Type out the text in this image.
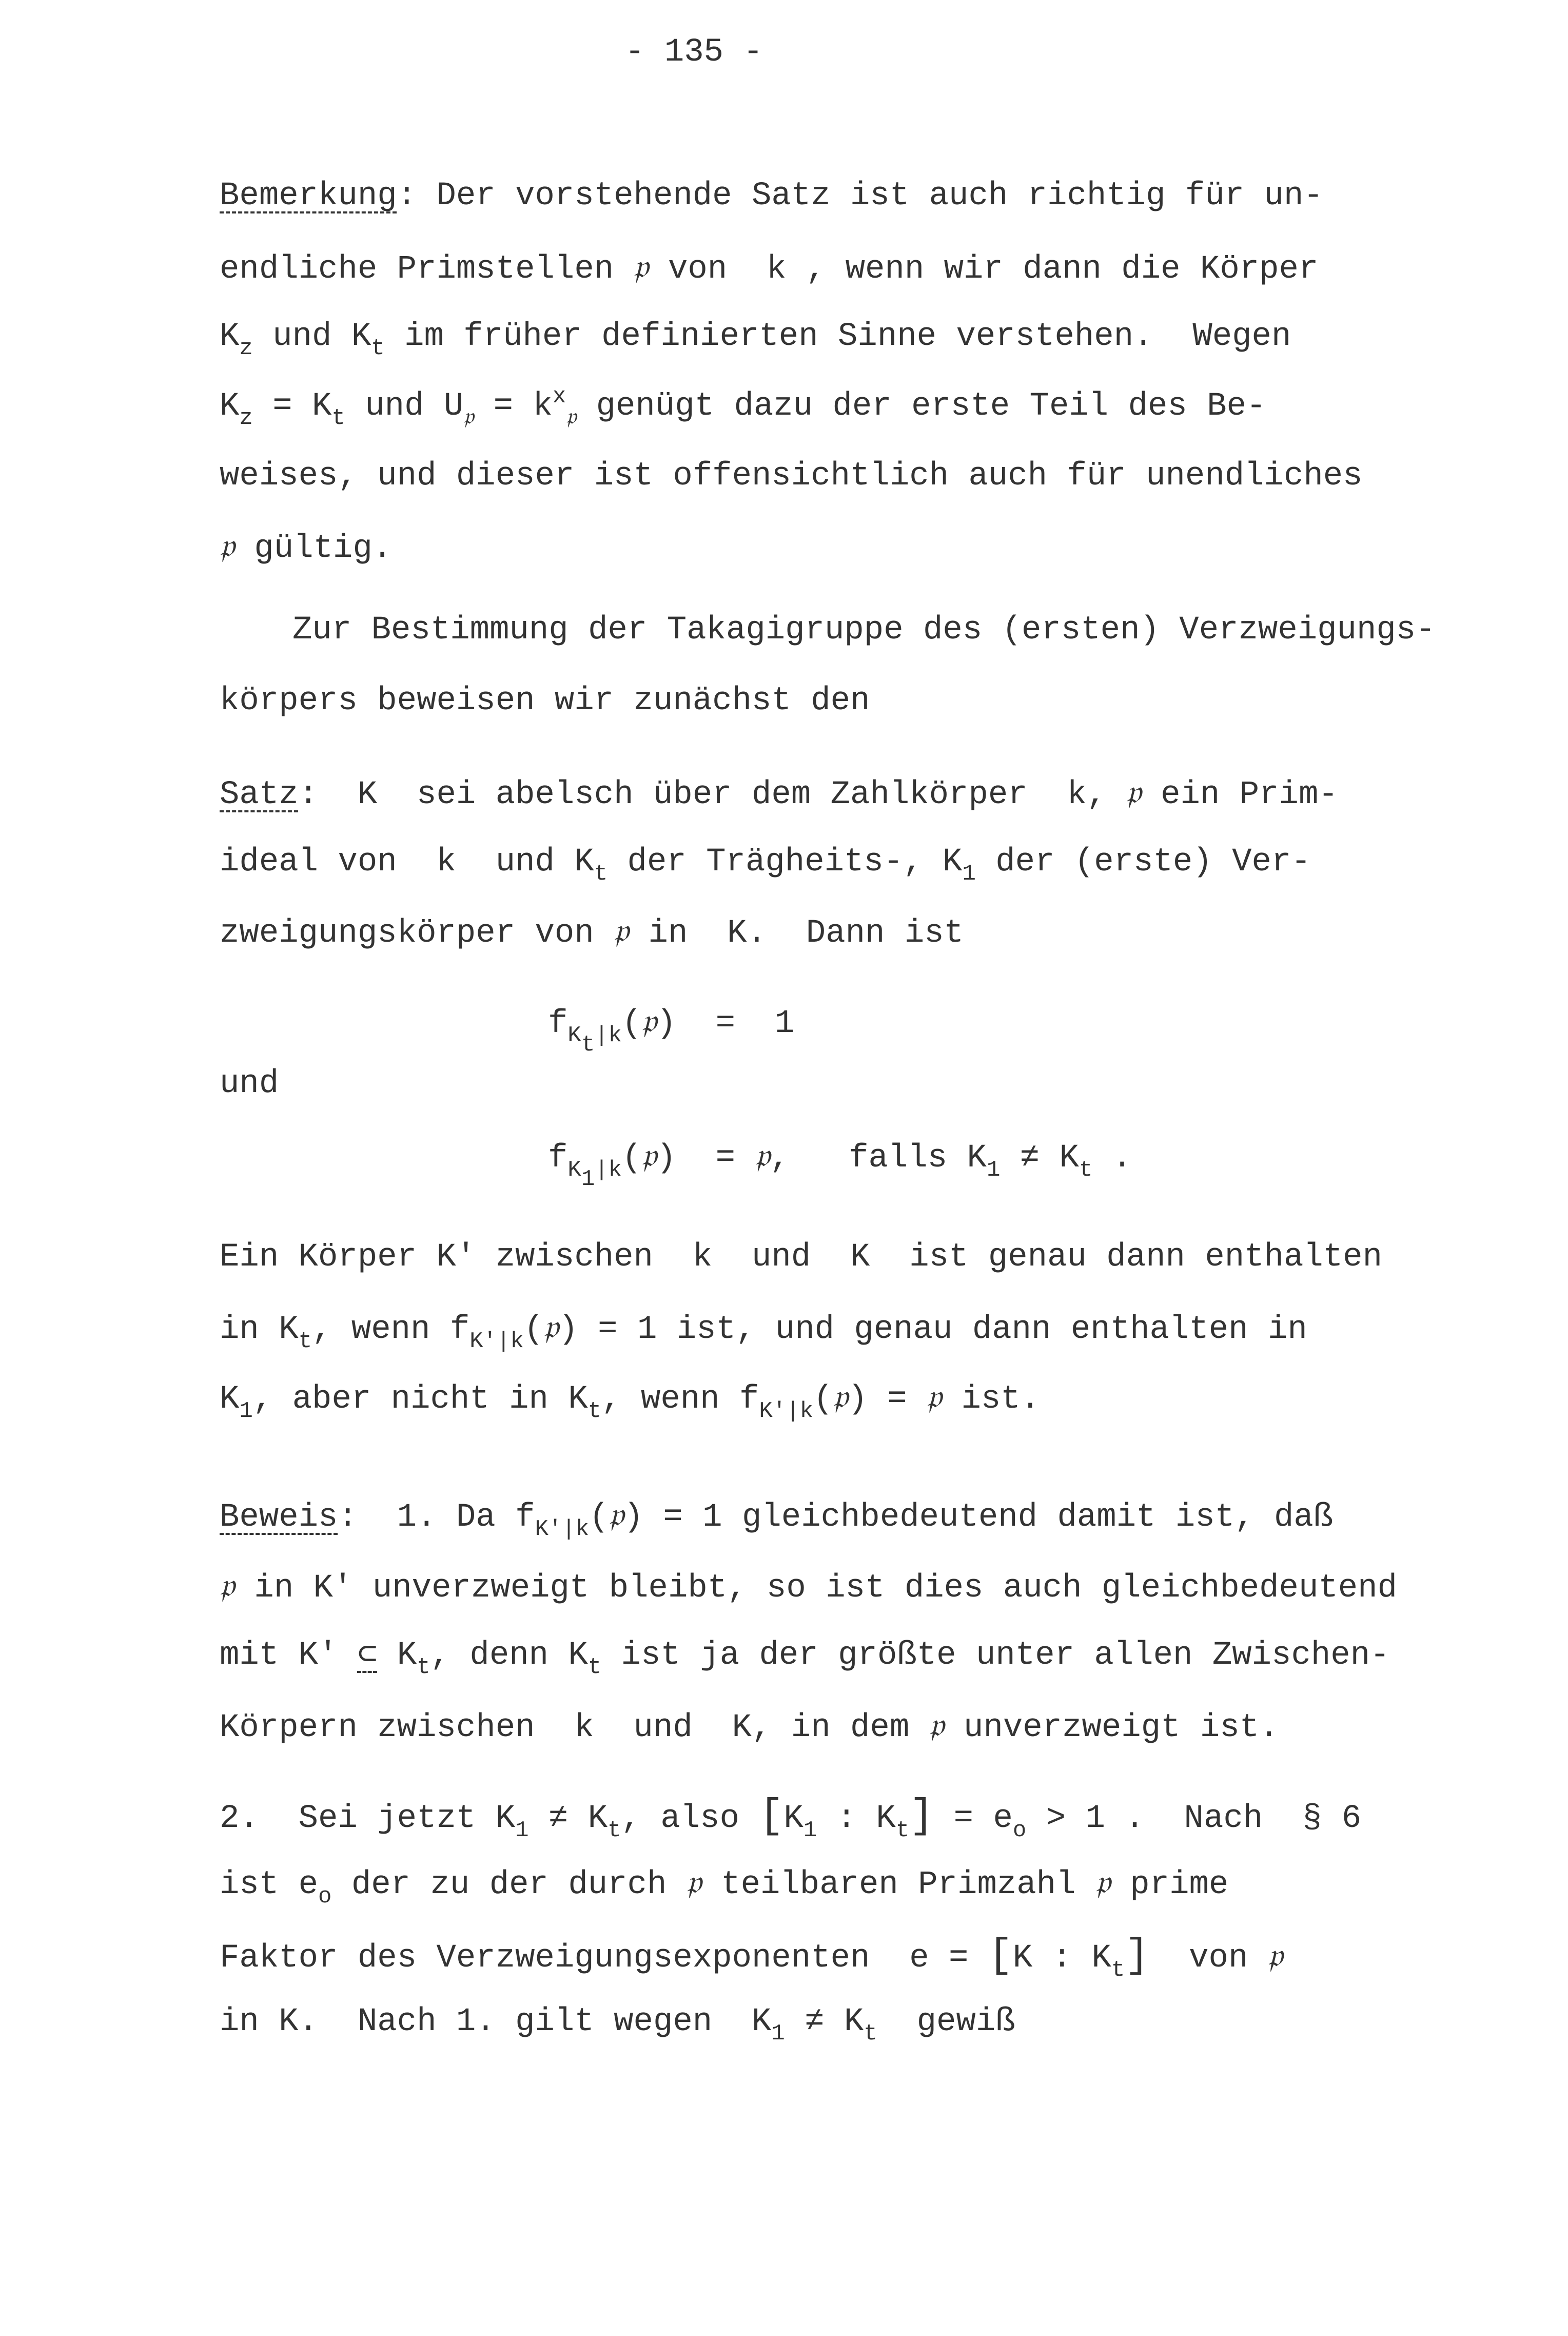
- 135 -
Bemerkung: Der vorstehende Satz ist auch richtig für un-
endliche Primstellen 𝔭 von  k , wenn wir dann die Körper
$K_z$ und $K_t$ im früher definierten Sinne verstehen.  Wegen
$K_z = K_t$ und $U_𝔭 = k^x_𝔭$ genügt dazu der erste Teil des Be-
weises, und dieser ist offensichtlich auch für unendliches
𝔭 gültig.
Zur Bestimmung der Takagigruppe des (ersten) Verzweigungs-
körpers beweisen wir zunächst den
Satz:  K  sei abelsch über dem Zahlkörper  k, 𝔭 ein Prim-
ideal von  k  und $K_t$ der Trägheits-, $K_1$ der (erste) Ver-
zweigungskörper von 𝔭 in  K.  Dann ist
$f_{K_t|k}(𝔭) = 1$
und
$f_{K_1|k}(𝔭)$  = 𝔭,   falls $K_1 \ne K_t$ .
Ein Körper K' zwischen  k  und  K  ist genau dann enthalten
in $K_t$, wenn $f_{K'|k}(𝔭) = 1$ ist, und genau dann enthalten in
$K_1$, aber nicht in $K_t$, wenn $f_{K'|k}(𝔭)$ = 𝔭 ist.
Beweis:  1. Da $f_{K'|k}(𝔭) = 1$ gleichbedeutend damit ist, daß
𝔭 in K' unverzweigt bleibt, so ist dies auch gleichbedeutend
mit K' ⊂ $K_t$, denn $K_t$ ist ja der größte unter allen Zwischen-
Körpern zwischen  k  und  K, in dem 𝔭 unverzweigt ist.
2.  Sei jetzt $K_1 \ne K_t$, also [$K_1$ : $K_t] = e_o > 1$ .  Nach  § 6
ist $e_o$ der zu der durch 𝔭 teilbaren Primzahl 𝔭 prime
Faktor des Verzweigungsexponenten  e = [K : $K_t$]  von 𝔭
in K.  Nach 1. gilt wegen  $K_1 \ne K_t$  gewiß
